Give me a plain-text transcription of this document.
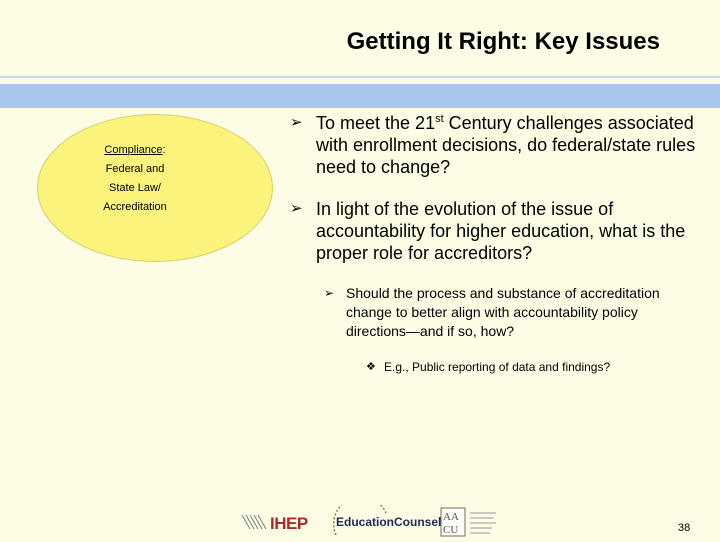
Getting It Right: Key Issues
Compliance:
Federal and
State Law/
Accreditation
➢ To meet the 21st Century challenges associated with enrollment decisions, do federal/state rules need to change?
➢ In light of the evolution of the issue of accountability for higher education, what is the proper role for accreditors?
➢ Should the process and substance of accreditation change to better align with accountability policy directions—and if so, how?
❖ E.g., Public reporting of data and findings?
IHEP EducationCounsel AA
CU	38
